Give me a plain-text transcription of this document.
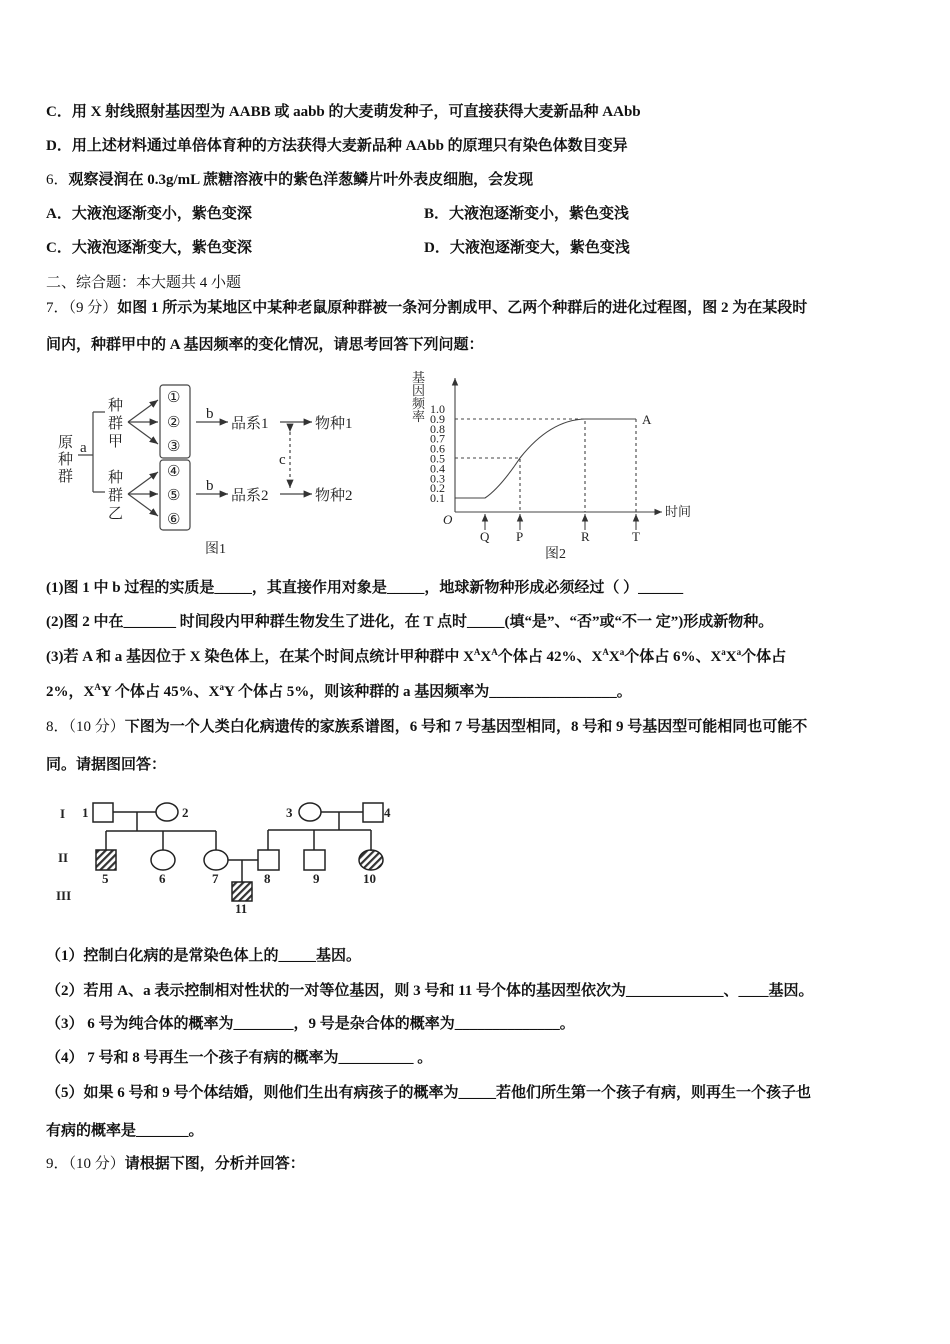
C．用 X 射线照射基因型为 AABB 或 aabb 的大麦萌发种子，可直接获得大麦新品种 AAbb
D．用上述材料通过单倍体育种的方法获得大麦新品种 AAbb 的原理只有染色体数目变异
6．观察浸润在 0.3g/mL 蔗糖溶液中的紫色洋葱鳞片叶外表皮细胞，会发现
A．大液泡逐渐变小，紫色变深	B．大液泡逐渐变小，紫色变浅
C．大液泡逐渐变大，紫色变深	D．大液泡逐渐变大，紫色变浅
二、综合题：本大题共 4 小题
7．（9 分）如图 1 所示为某地区中某种老鼠原种群被一条河分割成甲、乙两个种群后的进化过程图，图 2 为在某段时
间内，种群甲中的 A 基因频率的变化情况，请思考回答下列问题：
原
种
群
a
种
群
甲
种
群
乙
①
②
③
④
⑤
⑥
b
b
品系1
品系2
物种1
物种2
c
图1
0.1
0.2
0.3
0.4
0.5
0.6
0.7
0.8
0.9
1.0
基
因
频
率
时间
O
Q P	R	T
A
图2
(1)图 1 中 b 过程的实质是_____，其直接作用对象是_____，地球新物种形成必须经过（ ）______
(2)图 2 中在_______ 时间段内甲种群生物发生了进化，在 T 点时_____(填“是”、“否”或“不一 定”)形成新物种。
(3)若 A 和 a 基因位于 X 染色体上，在某个时间点统计甲种群中 $X^AX^A$个体占 42%、$X^AX^a$个体占 6%、$X^aX^a$个体占
2%，$X^AY$ 个体占 45%、$X^aY$ 个体占 5%，则该种群的 a 基因频率为_________________。
8．（10 分）下图为一个人类白化病遗传的家族系谱图，6 号和 7 号基因型相同，8 号和 9 号基因型可能相同也可能不
同。请据图回答：
I
II
III
1	2	3	4
5	6	7	8	9	10
11
（1）控制白化病的是常染色体上的_____基因。
（2）若用 A、a 表示控制相对性状的一对等位基因，则 3 号和 11 号个体的基因型依次为_____________、____基因。
（3） 6 号为纯合体的概率为________，9 号是杂合体的概率为______________。
（4） 7 号和 8 号再生一个孩子有病的概率为__________ 。
（5）如果 6 号和 9 号个体结婚，则他们生出有病孩子的概率为_____若他们所生第一个孩子有病，则再生一个孩子也
有病的概率是_______。
9．（10 分）请根据下图，分析并回答：
